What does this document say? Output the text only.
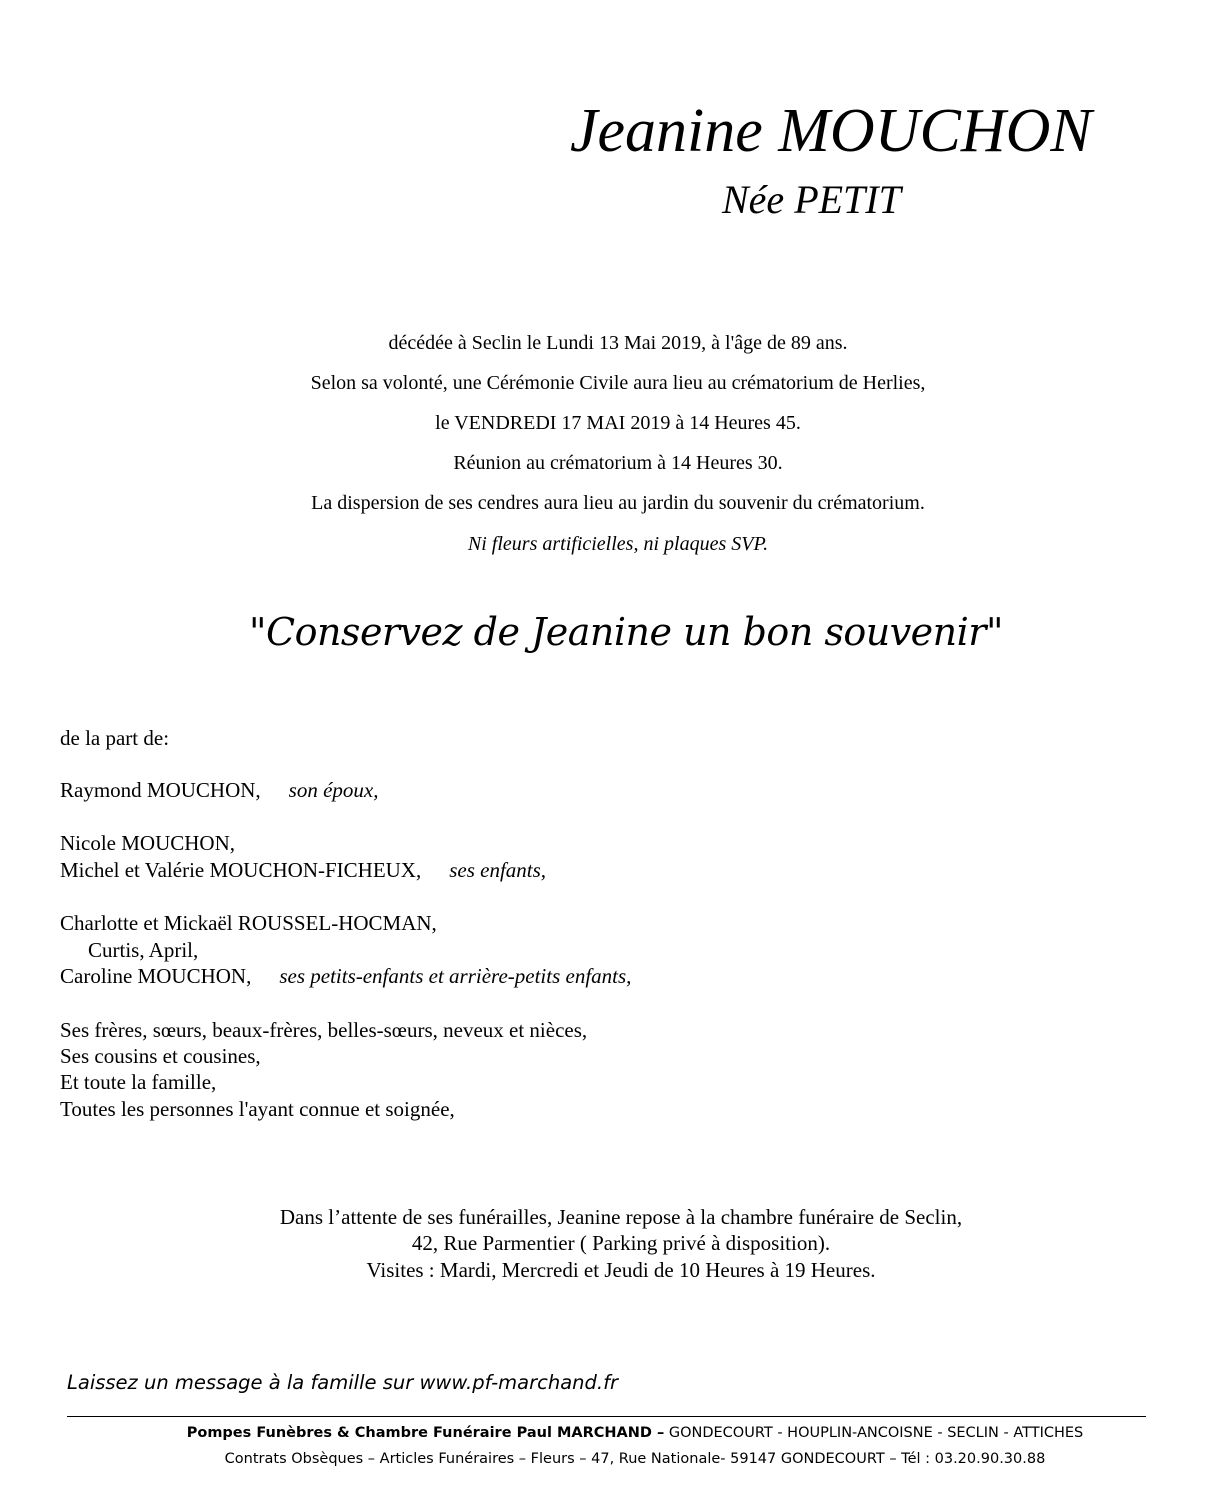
Jeanine MOUCHON
Née PETIT
décédée à Seclin le Lundi 13 Mai 2019, à l'âge de 89 ans.
Selon sa volonté, une Cérémonie Civile aura lieu au crématorium de Herlies,
le VENDREDI 17 MAI 2019 à 14 Heures 45.
Réunion au crématorium à 14 Heures 30.
La dispersion de ses cendres aura lieu au jardin du souvenir du crématorium.
Ni fleurs artificielles, ni plaques SVP.
"Conservez de Jeanine un bon souvenir"
de la part de:
Raymond MOUCHON, son époux,
Nicole MOUCHON,
Michel et Valérie MOUCHON-FICHEUX, ses enfants,
Charlotte et Mickaël ROUSSEL-HOCMAN,
Curtis, April,
Caroline MOUCHON, ses petits-enfants et arrière-petits enfants,
Ses frères, sœurs, beaux-frères, belles-sœurs, neveux et nièces,
Ses cousins et cousines,
Et toute la famille,
Toutes les personnes l'ayant connue et soignée,
Dans l’attente de ses funérailles, Jeanine repose à la chambre funéraire de Seclin,
42, Rue Parmentier ( Parking privé à disposition).
Visites : Mardi, Mercredi et Jeudi de 10 Heures à 19 Heures.
Laissez un message à la famille sur www.pf-marchand.fr
Pompes Funèbres & Chambre Funéraire Paul MARCHAND – GONDECOURT - HOUPLIN-ANCOISNE - SECLIN - ATTICHES
Contrats Obsèques – Articles Funéraires – Fleurs – 47, Rue Nationale- 59147 GONDECOURT – Tél : 03.20.90.30.88
